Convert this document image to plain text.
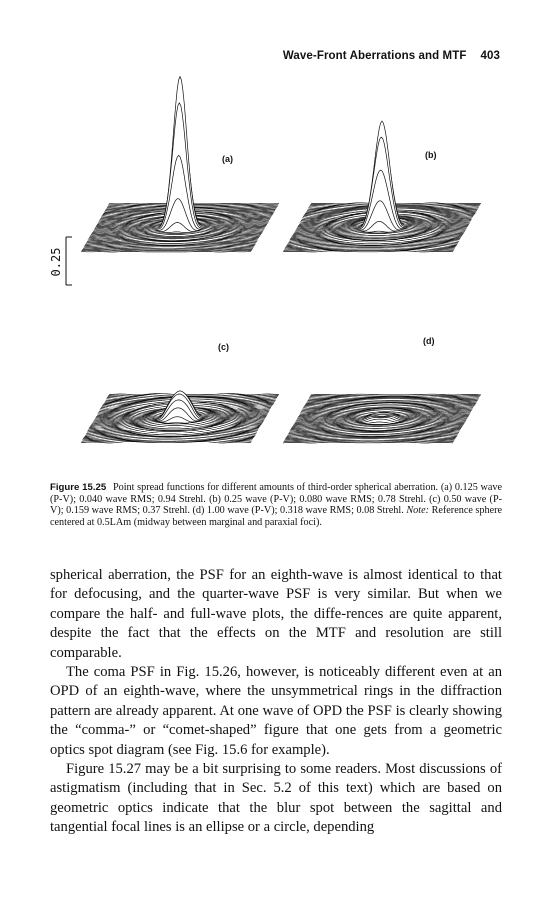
Wave-Front Aberrations and MTF 403
0.25
(a)	(b)
(c)
(d)
Figure 15.25 Point spread functions for different amounts of third-order spherical aberration. (a) 0.125 wave (P-V); 0.040 wave RMS; 0.94 Strehl. (b) 0.25 wave (P-V); 0.080 wave RMS; 0.78 Strehl. (c) 0.50 wave (P-V); 0.159 wave RMS; 0.37 Strehl. (d) 1.00 wave (P-V); 0.318 wave RMS; 0.08 Strehl. Note: Reference sphere centered at 0.5LAm (midway between marginal and paraxial foci).

spherical aberration, the PSF for an eighth-wave is almost identical to that for defocusing, and the quarter-wave PSF is very similar. But when we compare the half- and full-wave plots, the diffe-rences are quite apparent, despite the fact that the effects on the MTF and resolution are still comparable.

The coma PSF in Fig. 15.26, however, is noticeably different even at an OPD of an eighth-wave, where the unsymmetrical rings in the diffraction pattern are already apparent. At one wave of OPD the PSF is clearly showing the “comma-” or “comet-shaped” figure that one gets from a geometric optics spot diagram (see Fig. 15.6 for example).

Figure 15.27 may be a bit surprising to some readers. Most discussions of astigmatism (including that in Sec. 5.2 of this text) which are based on geometric optics indicate that the blur spot between the sagittal and tangential focal lines is an ellipse or a circle, depending
